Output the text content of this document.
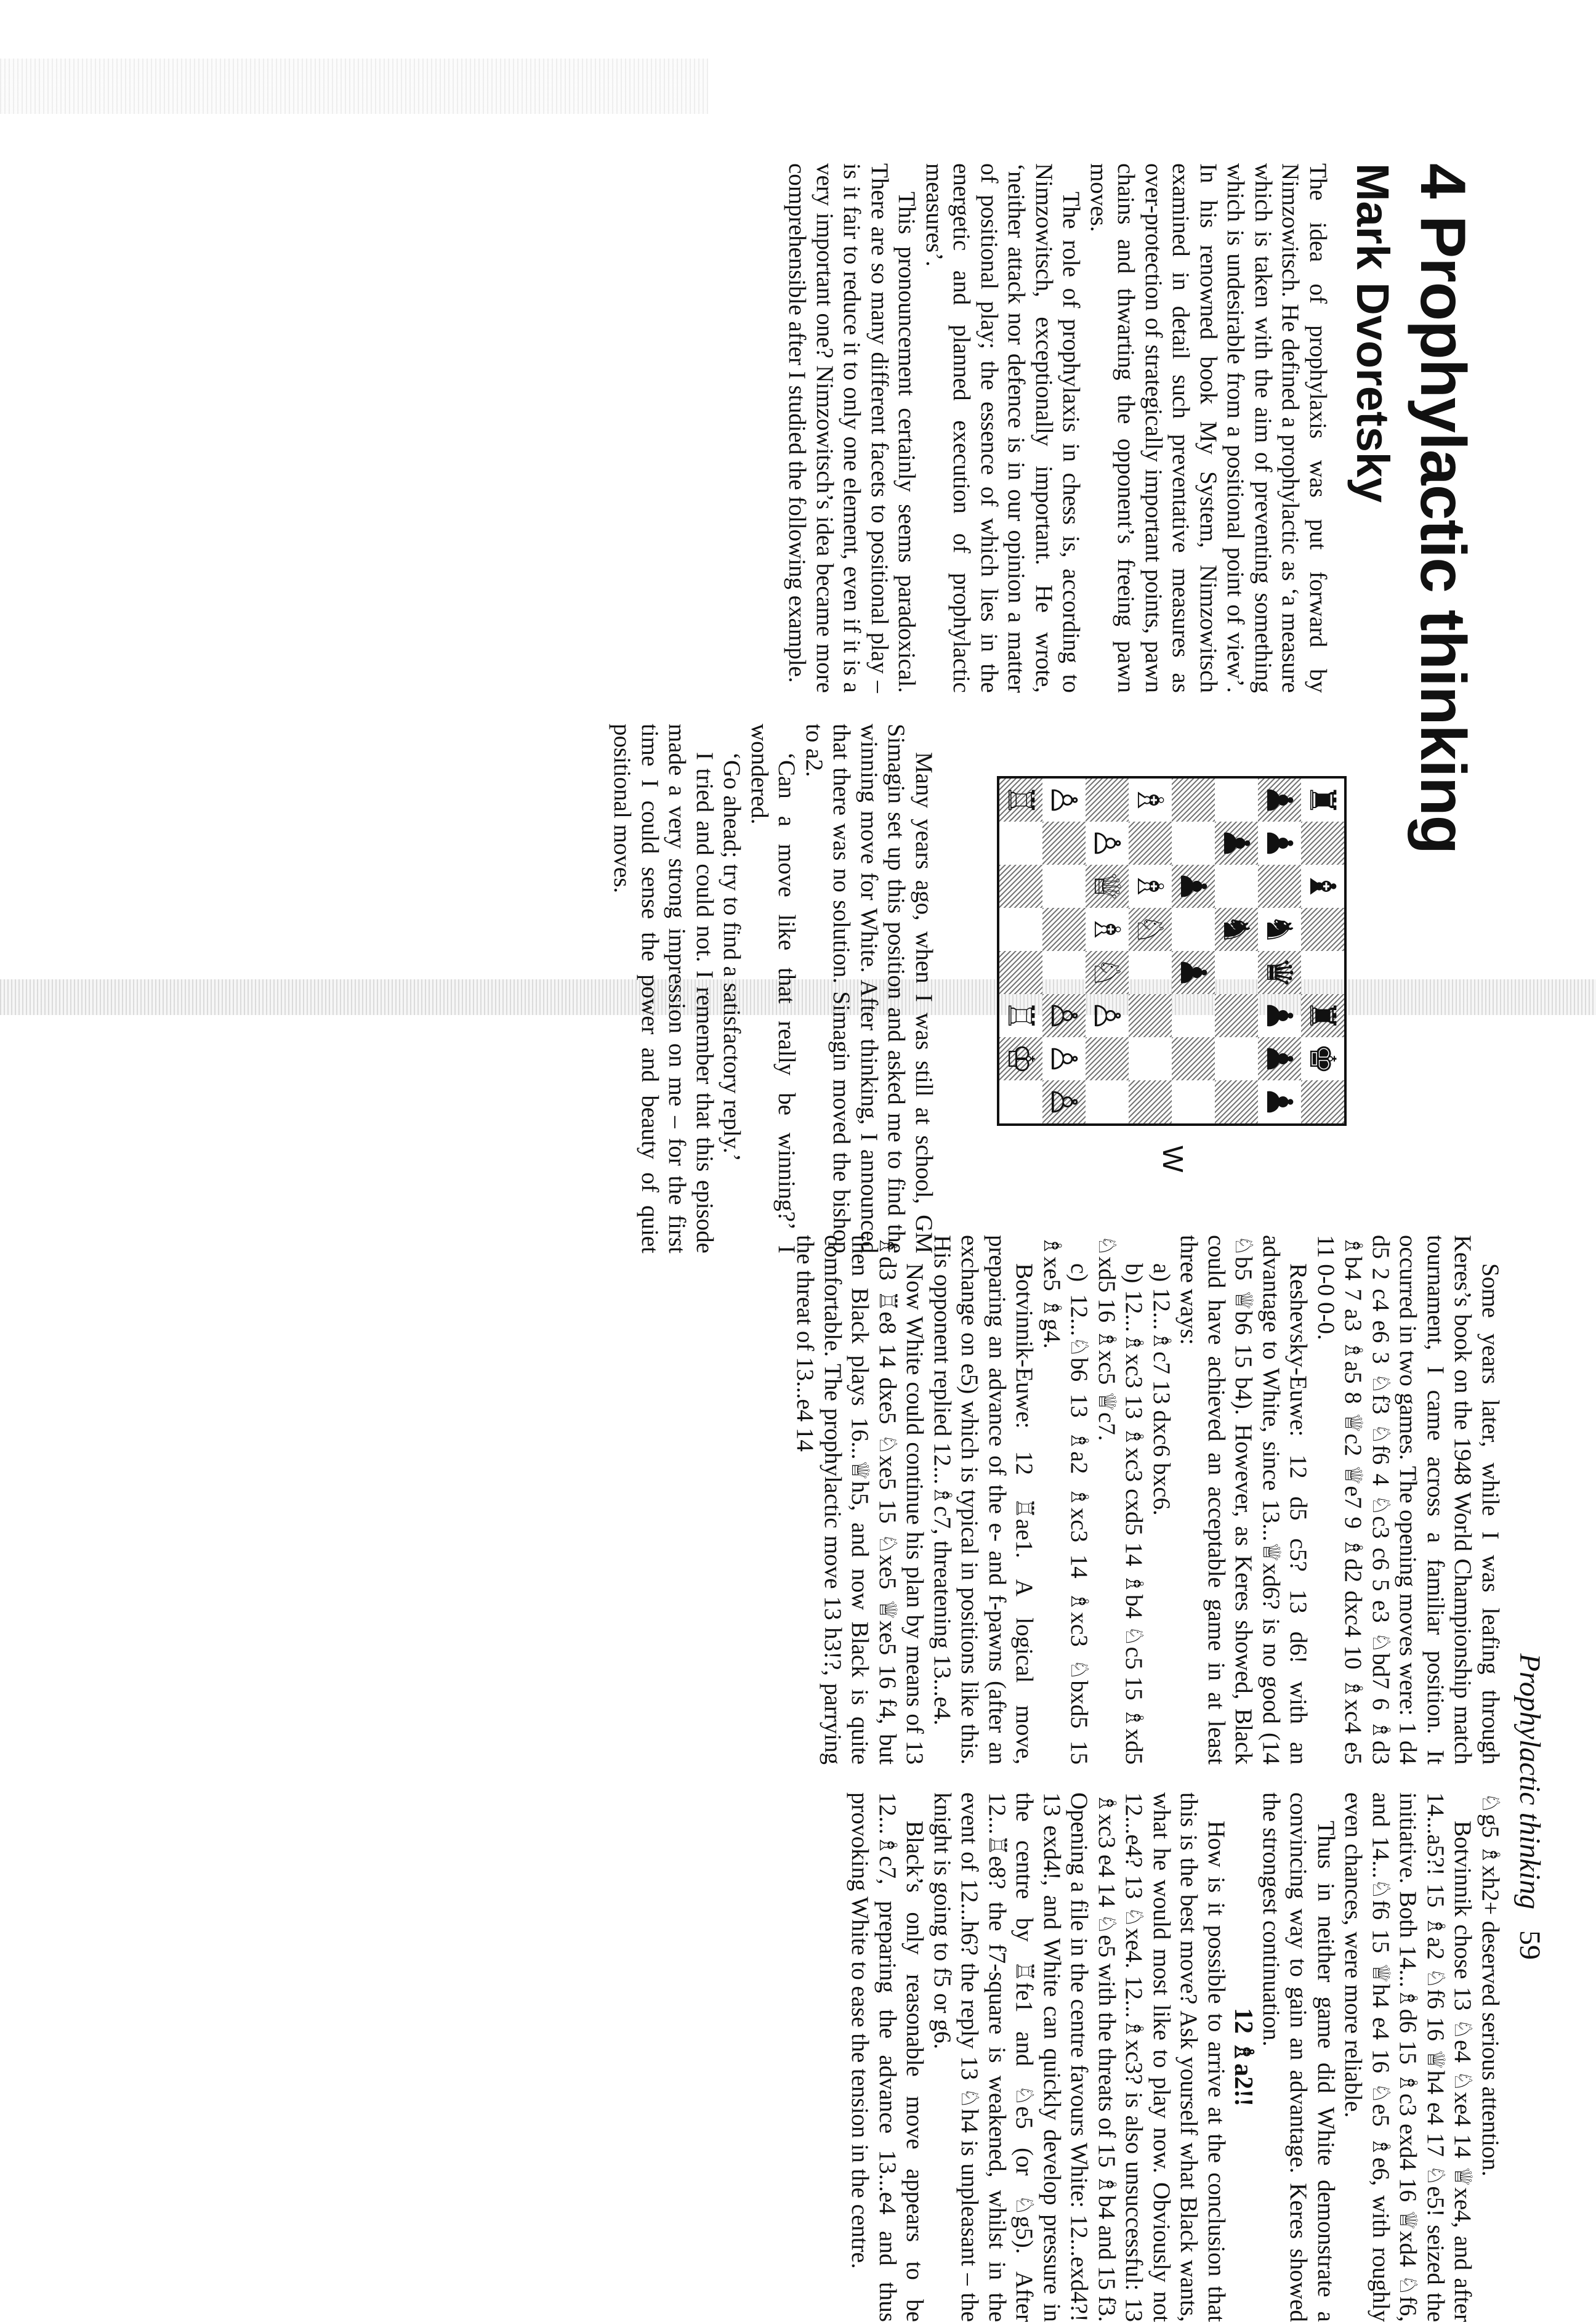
Prophylactic thinking59
4 Prophylactic thinking
Mark Dvoretsky

The idea of prophylaxis was put forward by Nimzowitsch. He defined a prophylactic as ‘a measure which is taken with the aim of preventing something which is undesirable from a positional point of view’. In his renowned book My System, Nimzowitsch examined in detail such preventative measures as over-protection of strategically important points, pawn chains and thwarting the opponent’s freeing pawn moves.

The role of prophylaxis in chess is, according to Nimzowitsch, exceptionally important. He wrote, ‘neither attack nor defence is in our opinion a matter of positional play; the essence of which lies in the energetic and planned execution of prophylactic measures’.

This pronouncement certainly seems paradoxical. There are so many different facets to positional play – is it fair to reduce it to only one element, even if it is a very important one? Nimzowitsch’s idea became more comprehensible after I studied the following example.

♜
♝
♜
♚
♟
♟
♞
♛
♟
♟
♟
♟
♞
♟
♟
♗
♗
♘
♙
♕
♗
♘
♙
♙
♙
♙
♙
♖
♖
♔
W

Many years ago, when I was still at school, GM Simagin set up this position and asked me to find the winning move for White. After thinking, I announced that there was no solution. Simagin moved the bishop to a2.

‘Can a move like that really be winning?’ I wondered.

‘Go ahead; try to find a satisfactory reply.’

I tried and could not. I remember that this episode made a very strong impression on me – for the first time I could sense the power and beauty of quiet positional moves.

Some years later, while I was leafing through Keres’s book on the 1948 World Championship match tournament, I came across a familiar position. It occurred in two games. The opening moves were: 1 d4 d5 2 c4 e6 3 ♘f3 ♘f6 4 ♘c3 c6 5 e3 ♘bd7 6 ♗d3 ♗b4 7 a3 ♗a5 8 ♕c2 ♕e7 9 ♗d2 dxc4 10 ♗xc4 e5 11 0-0 0-0.

Reshevsky-Euwe: 12 d5 c5? 13 d6! with an advantage to White, since 13...♕xd6? is no good (14 ♘b5 ♕b6 15 b4). However, as Keres showed, Black could have achieved an acceptable game in at least three ways:

a) 12...♗c7 13 dxc6 bxc6.

b) 12...♗xc3 13 ♗xc3 cxd5 14 ♗b4 ♘c5 15 ♗xd5 ♘xd5 16 ♗xc5 ♕c7.

c) 12...♘b6 13 ♗a2 ♗xc3 14 ♗xc3 ♘bxd5 15 ♗xe5 ♗g4.

Botvinnik-Euwe: 12 ♖ae1. A logical move, preparing an advance of the e- and f-pawns (after an exchange on e5) which is typical in positions like this. His opponent replied 12...♗c7, threatening 13...e4.

Now White could continue his plan by means of 13 ♗d3 ♖e8 14 dxe5 ♘xe5 15 ♘xe5 ♕xe5 16 f4, but then Black plays 16...♕h5, and now Black is quite comfortable. The prophylactic move 13 h3!?, parrying the threat of 13...e4 14

♘g5 ♗xh2+ deserved serious attention.

Botvinnik chose 13 ♘e4 ♘xe4 14 ♕xe4, and after 14...a5?! 15 ♗a2 ♘f6 16 ♕h4 e4 17 ♘e5! seized the initiative. Both 14...♗d6 15 ♗c3 exd4 16 ♕xd4 ♘f6, and 14...♘f6 15 ♕h4 e4 16 ♘e5 ♗e6, with roughly even chances, were more reliable.

Thus in neither game did White demonstrate a convincing way to gain an advantage. Keres showed the strongest continuation.

12 ♗a2!!

How is it possible to arrive at the conclusion that this is the best move? Ask yourself what Black wants, what he would most like to play now. Obviously not 12...e4? 13 ♘xe4. 12...♗xc3? is also unsuccessful: 13 ♗xc3 e4 14 ♘e5 with the threats of 15 ♗b4 and 15 f3. Opening a file in the centre favours White: 12...exd4?! 13 exd4!, and White can quickly develop pressure in the centre by ♖fe1 and ♘e5 (or ♘g5). After 12...♖e8? the f7-square is weakened, whilst in the event of 12...h6? the reply 13 ♘h4 is unpleasant – the knight is going to f5 or g6.

Black’s only reasonable move appears to be 12...♗c7, preparing the advance 13...e4 and thus provoking White to ease the tension in the centre.
